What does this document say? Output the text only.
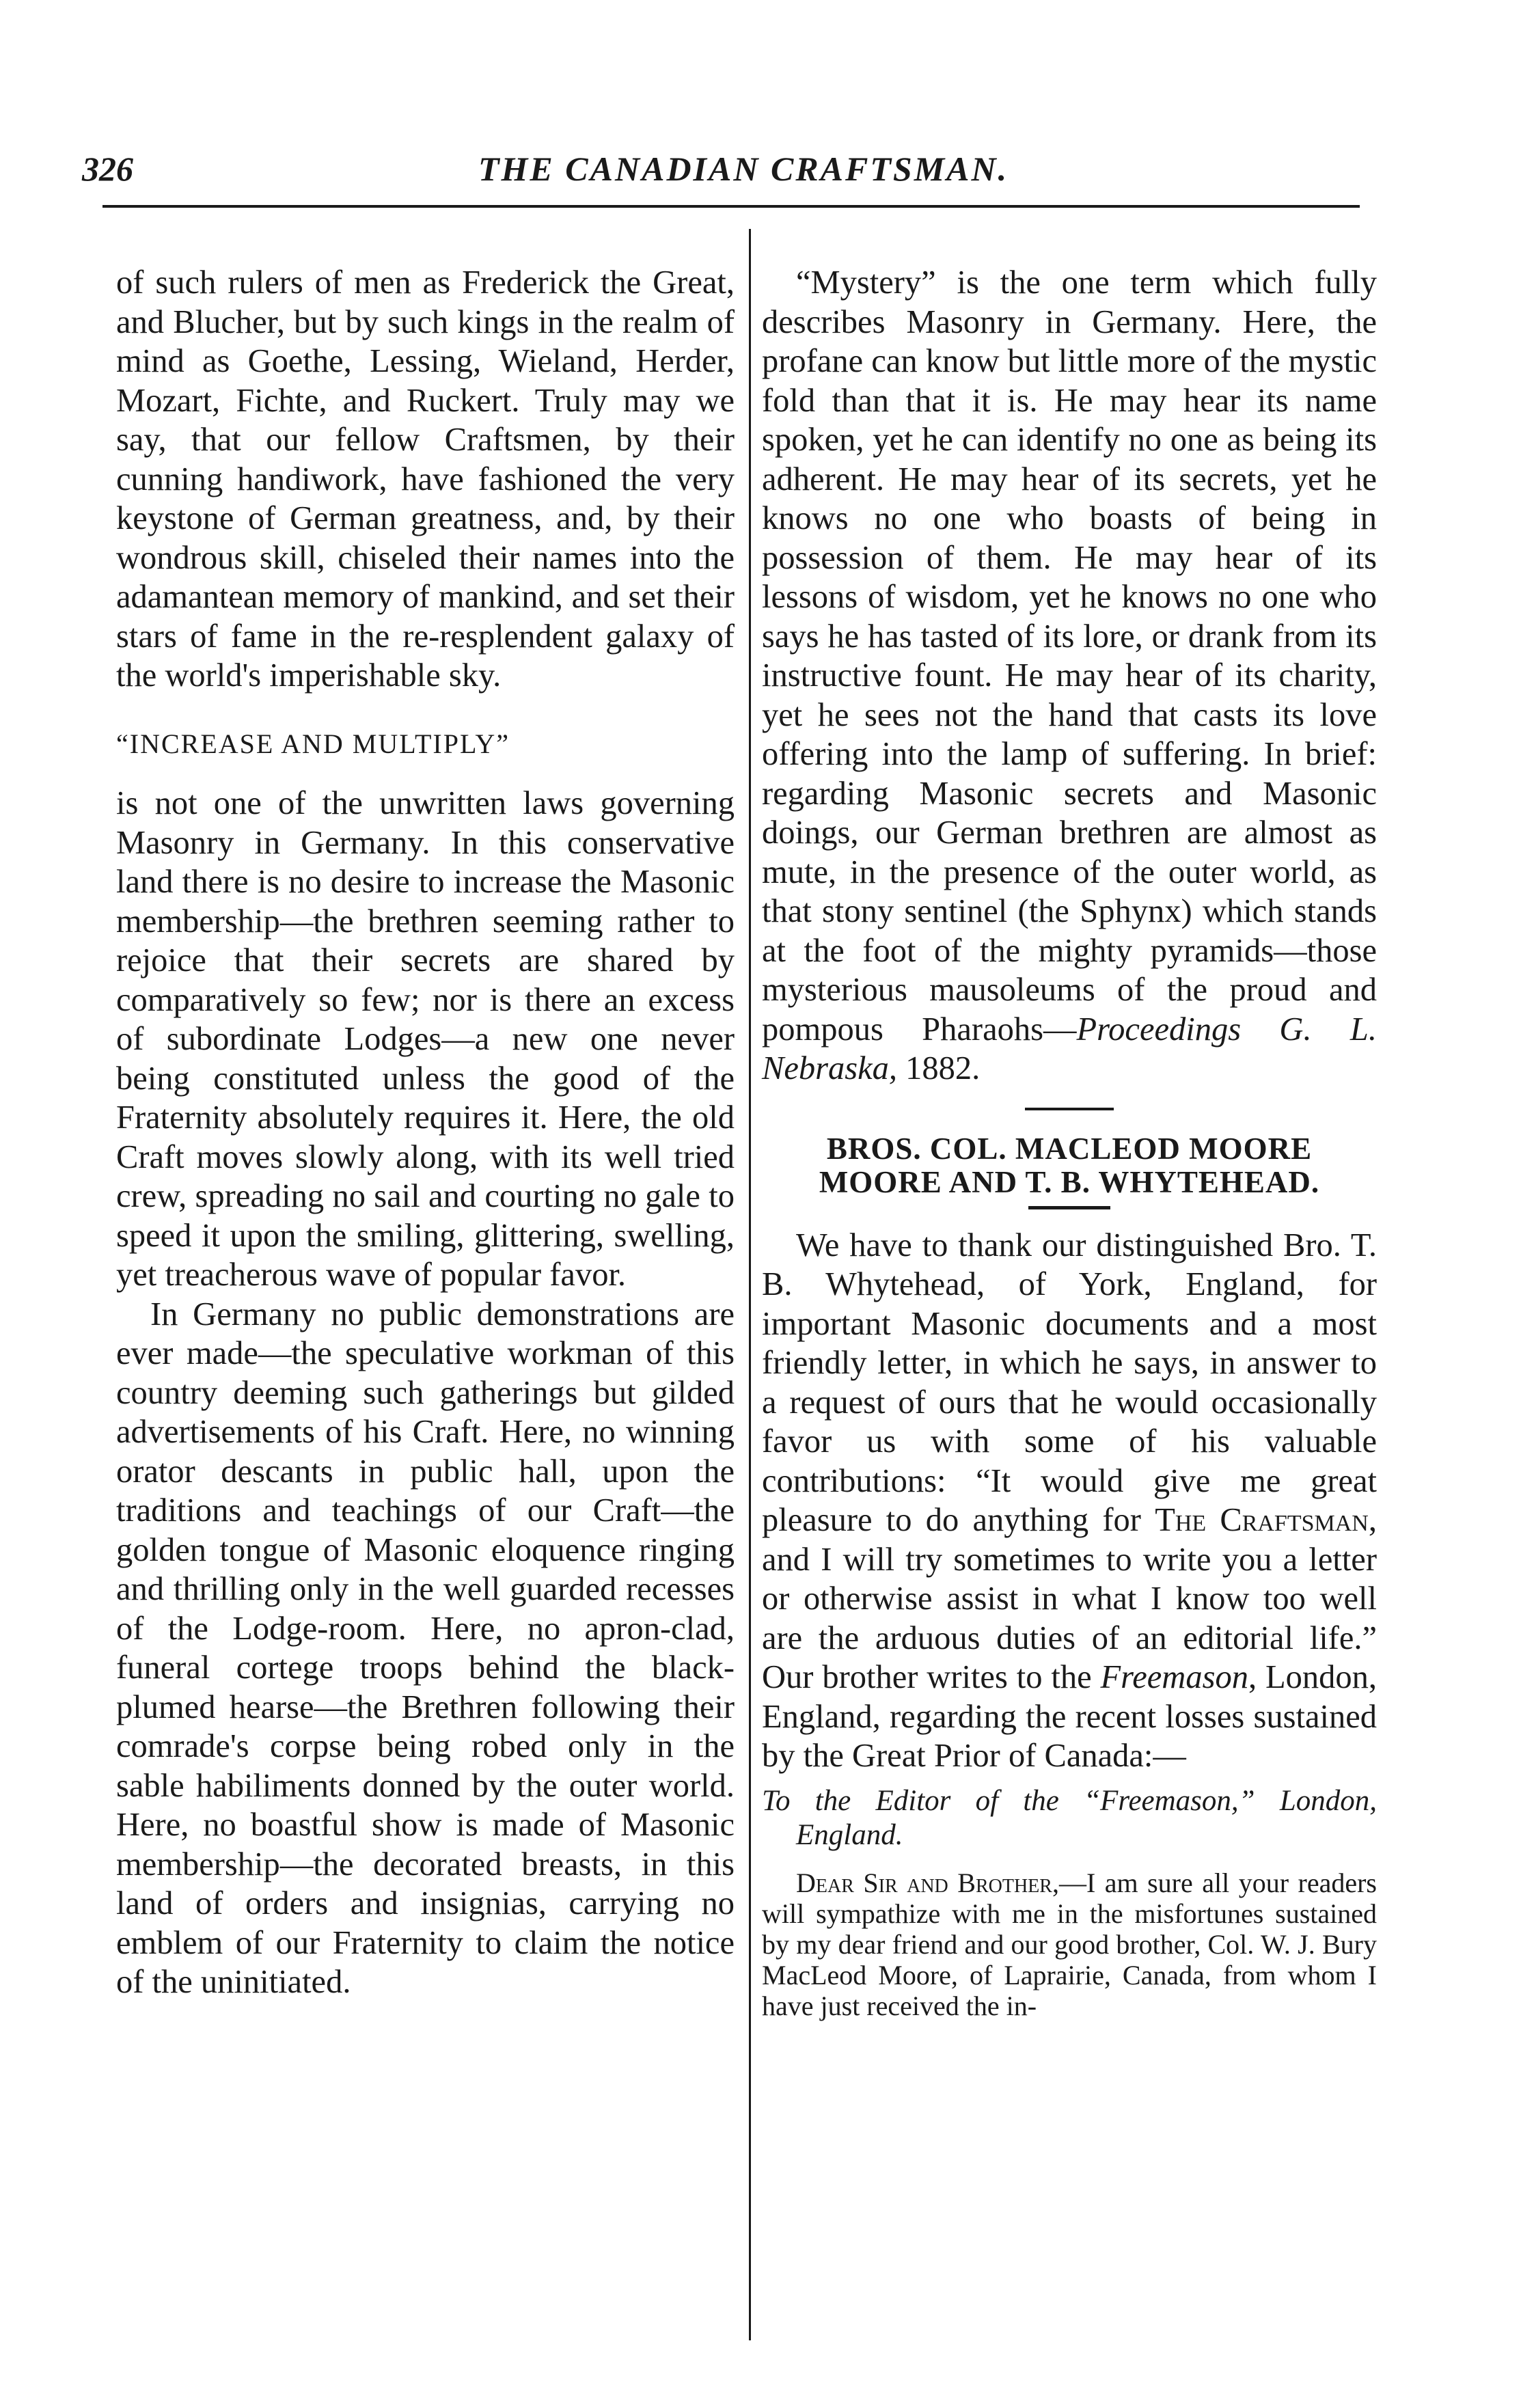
326	THE CANADIAN CRAFTSMAN.

of such rulers of men as Frederick the Great, and Blucher, but by such kings in the realm of mind as Goethe, Lessing, Wieland, Herder, Mozart, Fichte, and Ruckert. Truly may we say, that our fellow Craftsmen, by their cunning handiwork, have fashioned the very keystone of German greatness, and, by their wondrous skill, chiseled their names into the adamantean memory of mankind, and set their stars of fame in the re-resplendent galaxy of the world's imperishable sky.

“INCREASE AND MULTIPLY”

is not one of the unwritten laws governing Masonry in Germany. In this conservative land there is no desire to increase the Masonic membership—the brethren seeming rather to rejoice that their secrets are shared by comparatively so few; nor is there an excess of subordinate Lodges—a new one never being constituted unless the good of the Fraternity absolutely requires it. Here, the old Craft moves slowly along, with its well tried crew, spreading no sail and courting no gale to speed it upon the smiling, glittering, swelling, yet treacherous wave of popular favor.

In Germany no public demonstrations are ever made—the speculative workman of this country deeming such gatherings but gilded advertisements of his Craft. Here, no winning orator descants in public hall, upon the traditions and teachings of our Craft—the golden tongue of Masonic eloquence ringing and thrilling only in the well guarded recesses of the Lodge-room. Here, no apron-clad, funeral cortege troops behind the black-plumed hearse—the Brethren following their comrade's corpse being robed only in the sable habiliments donned by the outer world. Here, no boastful show is made of Masonic membership—the decorated breasts, in this land of orders and insignias, carrying no emblem of our Fraternity to claim the notice of the uninitiated.

“Mystery” is the one term which fully describes Masonry in Germany. Here, the profane can know but little more of the mystic fold than that it is. He may hear its name spoken, yet he can identify no one as being its adherent. He may hear of its secrets, yet he knows no one who boasts of being in possession of them. He may hear of its lessons of wisdom, yet he knows no one who says he has tasted of its lore, or drank from its instructive fount. He may hear of its charity, yet he sees not the hand that casts its love offering into the lamp of suffering. In brief: regarding Masonic secrets and Masonic doings, our German brethren are almost as mute, in the presence of the outer world, as that stony sentinel (the Sphynx) which stands at the foot of the mighty pyramids—those mysterious mausoleums of the proud and pompous Pharaohs—Proceedings G. L. Nebraska, 1882.

BROS. COL. MACLEOD MOORE MOORE AND T. B. WHYTEHEAD.

We have to thank our distinguished Bro. T. B. Whytehead, of York, England, for important Masonic documents and a most friendly letter, in which he says, in answer to a request of ours that he would occasionally favor us with some of his valuable contributions: “It would give me great pleasure to do anything for The Craftsman, and I will try sometimes to write you a letter or otherwise assist in what I know too well are the arduous duties of an editorial life.” Our brother writes to the Freemason, London, England, regarding the recent losses sustained by the Great Prior of Canada:—

To the Editor of the “Freemason,” London, England.

Dear Sir and Brother,—I am sure all your readers will sympathize with me in the misfortunes sustained by my dear friend and our good brother, Col. W. J. Bury MacLeod Moore, of Laprairie, Canada, from whom I have just received the in-
